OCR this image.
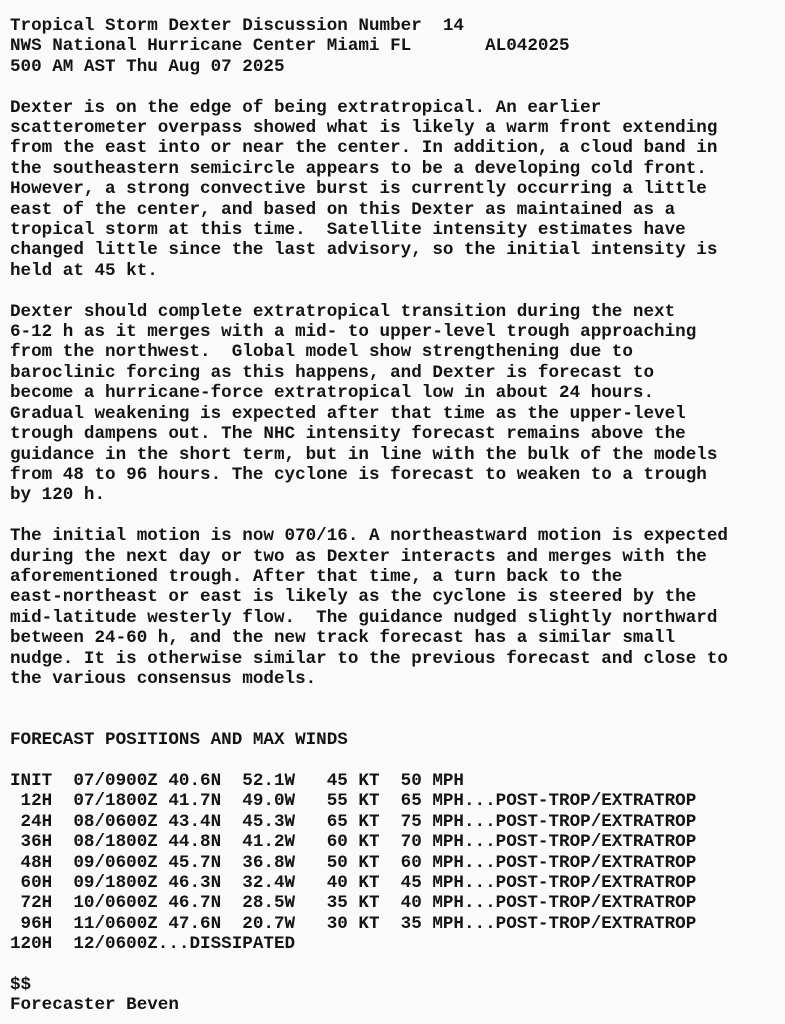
Tropical Storm Dexter Discussion Number  14
NWS National Hurricane Center Miami FL       AL042025
500 AM AST Thu Aug 07 2025
Dexter is on the edge of being extratropical. An earlier
scatterometer overpass showed what is likely a warm front extending
from the east into or near the center. In addition, a cloud band in
the southeastern semicircle appears to be a developing cold front.
However, a strong convective burst is currently occurring a little
east of the center, and based on this Dexter as maintained as a
tropical storm at this time.  Satellite intensity estimates have
changed little since the last advisory, so the initial intensity is
held at 45 kt.
Dexter should complete extratropical transition during the next
6-12 h as it merges with a mid- to upper-level trough approaching
from the northwest.  Global model show strengthening due to
baroclinic forcing as this happens, and Dexter is forecast to
become a hurricane-force extratropical low in about 24 hours.
Gradual weakening is expected after that time as the upper-level
trough dampens out. The NHC intensity forecast remains above the
guidance in the short term, but in line with the bulk of the models
from 48 to 96 hours. The cyclone is forecast to weaken to a trough
by 120 h.
The initial motion is now 070/16. A northeastward motion is expected
during the next day or two as Dexter interacts and merges with the
aforementioned trough. After that time, a turn back to the
east-northeast or east is likely as the cyclone is steered by the
mid-latitude westerly flow.  The guidance nudged slightly northward
between 24-60 h, and the new track forecast has a similar small
nudge. It is otherwise similar to the previous forecast and close to
the various consensus models.
FORECAST POSITIONS AND MAX WINDS
INIT  07/0900Z 40.6N  52.1W   45 KT  50 MPH
12H  07/1800Z 41.7N  49.0W   55 KT  65 MPH...POST-TROP/EXTRATROP
24H  08/0600Z 43.4N  45.3W   65 KT  75 MPH...POST-TROP/EXTRATROP
36H  08/1800Z 44.8N  41.2W   60 KT  70 MPH...POST-TROP/EXTRATROP
48H  09/0600Z 45.7N  36.8W   50 KT  60 MPH...POST-TROP/EXTRATROP
60H  09/1800Z 46.3N  32.4W   40 KT  45 MPH...POST-TROP/EXTRATROP
72H  10/0600Z 46.7N  28.5W   35 KT  40 MPH...POST-TROP/EXTRATROP
96H  11/0600Z 47.6N  20.7W   30 KT  35 MPH...POST-TROP/EXTRATROP
120H  12/0600Z...DISSIPATED
$$
Forecaster Beven
